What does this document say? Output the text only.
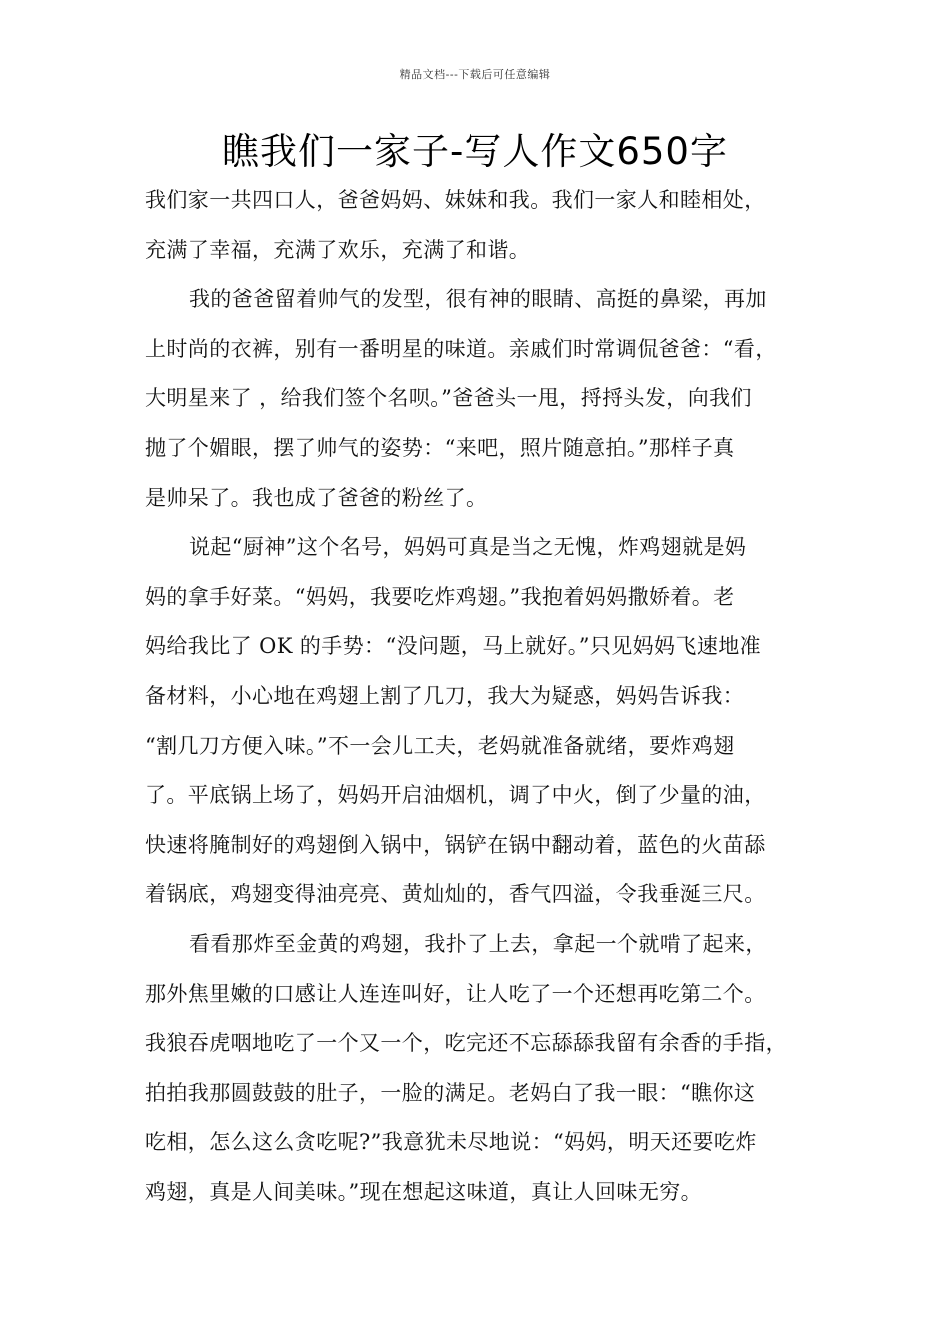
精品文档---下载后可任意编辑
瞧我们一家子-写人作文650字
我们家一共四口人，爸爸妈妈、妹妹和我。我们一家人和睦相处，
充满了幸福，充满了欢乐，充满了和谐。
我的爸爸留着帅气的发型，很有神的眼睛、高挺的鼻梁，再加
上时尚的衣裤，别有一番明星的味道。亲戚们时常调侃爸爸：“看，
大明星来了 ，给我们签个名呗。”爸爸头一甩，捋捋头发，向我们
抛了个媚眼，摆了帅气的姿势：“来吧，照片随意拍。”那样子真
是帅呆了。我也成了爸爸的粉丝了。
说起“厨神”这个名号，妈妈可真是当之无愧，炸鸡翅就是妈
妈的拿手好菜。“妈妈，我要吃炸鸡翅。”我抱着妈妈撒娇着。老
妈给我比了 OK 的手势：“没问题，马上就好。”只见妈妈飞速地准
备材料，小心地在鸡翅上割了几刀，我大为疑惑，妈妈告诉我：
“割几刀方便入味。”不一会儿工夫，老妈就准备就绪，要炸鸡翅
了。平底锅上场了，妈妈开启油烟机，调了中火，倒了少量的油，
快速将腌制好的鸡翅倒入锅中，锅铲在锅中翻动着，蓝色的火苗舔
着锅底，鸡翅变得油亮亮、黄灿灿的，香气四溢，令我垂涎三尺。
看看那炸至金黄的鸡翅，我扑了上去，拿起一个就啃了起来，
那外焦里嫩的口感让人连连叫好，让人吃了一个还想再吃第二个。
我狼吞虎咽地吃了一个又一个，吃完还不忘舔舔我留有余香的手指，
拍拍我那圆鼓鼓的肚子，一脸的满足。老妈白了我一眼：“瞧你这
吃相，怎么这么贪吃呢?”我意犹未尽地说：“妈妈，明天还要吃炸
鸡翅，真是人间美味。”现在想起这味道，真让人回味无穷。
